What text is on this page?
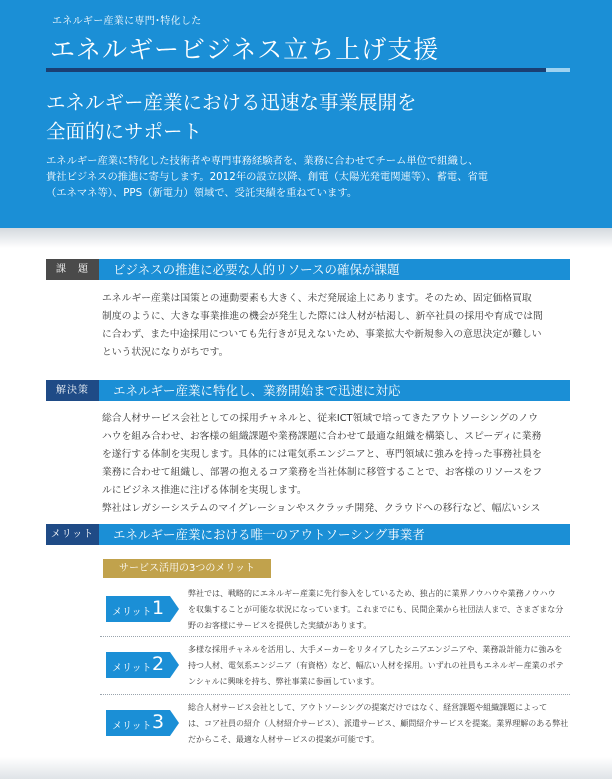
エネルギー産業に専門･特化した
エネルギービジネス立ち上げ支援
エネルギー産業における迅速な事業展開を
全面的にサポート
エネルギー産業に特化した技術者や専門事務経験者を、業務に合わせてチーム単位で組織し、
貴社ビジネスの推進に寄与します。2012年の設立以降、創電（太陽光発電関連等）、蓄電、省電
（エネマネ等）、PPS（新電力）領域で、受託実績を重ねています。
課　題	ビジネスの推進に必要な人的リソースの確保が課題

エネルギー産業は国策との連動要素も大きく、未だ発展途上にあります。そのため、固定価格買取

制度のように、大きな事業推進の機会が発生した際には人材が枯渇し、新卒社員の採用や育成では間

に合わず、また中途採用についても先行きが見えないため、事業拡大や新規参入の意思決定が難しい

という状況になりがちです。

解決策	エネルギー産業に特化し、業務開始まで迅速に対応

総合人材サービス会社としての採用チャネルと、従来ICT領域で培ってきたアウトソーシングのノウ

ハウを組み合わせ、お客様の組織課題や業務課題に合わせて最適な組織を構築し、スピーディに業務

を遂行する体制を実現します。具体的には電気系エンジニアと、専門領域に強みを持った事務社員を

業務に合わせて組織し、部署の抱えるコア業務を当社体制に移管することで、お客様のリソースをフ

ルにビジネス推進に注げる体制を実現します。

弊社はレガシーシステムのマイグレーションやスクラッチ開発、クラウドへの移行など、幅広いシス

メリット	エネルギー産業における唯一のアウトソーシング事業者
サービス活用の3つのメリット
メリット 1
弊社では、戦略的にエネルギー産業に先行参入をしているため、独占的に業界ノウハウや業務ノウハウ
を収集することが可能な状況になっています。これまでにも、民間企業から社団法人まで、さまざまな分
野のお客様にサービスを提供した実績があります。
メリット 2
多様な採用チャネルを活用し、大手メーカーをリタイアしたシニアエンジニアや、業務設計能力に強みを
持つ人材、電気系エンジニア（有資格）など、幅広い人材を採用。いずれの社員もエネルギー産業のポテ
ンシャルに興味を持ち、弊社事業に参画しています。
メリット 3
総合人材サービス会社として、アウトソーシングの提案だけではなく、経営課題や組織課題によって
は、コア社員の紹介（人材紹介サービス）、派遣サービス、顧問紹介サービスを提案。業界理解のある弊社
だからこそ、最適な人材サービスの提案が可能です。
